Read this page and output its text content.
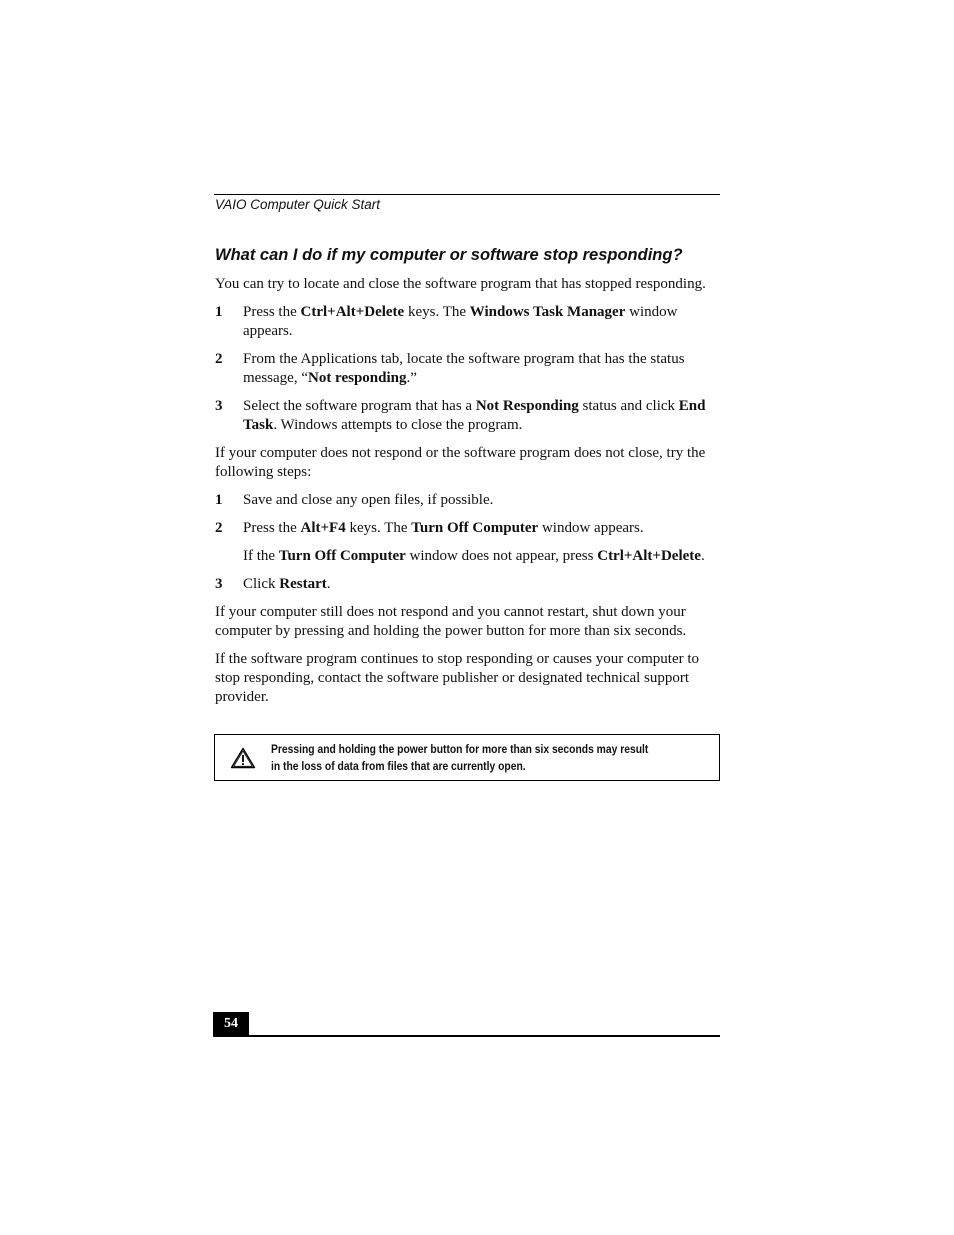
VAIO Computer Quick Start
What can I do if my computer or software stop responding?

You can try to locate and close the software program that has stopped responding.

1	Press the Ctrl+Alt+Delete keys. The Windows Task Manager window appears.
2	From the Applications tab, locate the software program that has the status message, “Not responding.”
3	Select the software program that has a Not Responding status and click End Task. Windows attempts to close the program.

If your computer does not respond or the software program does not close, try the following steps:

1	Save and close any open files, if possible.
2	Press the Alt+F4 keys. The Turn Off Computer window appears.
If the Turn Off Computer window does not appear, press Ctrl+Alt+Delete.
3	Click Restart.

If your computer still does not respond and you cannot restart, shut down your computer by pressing and holding the power button for more than six seconds.

If the software program continues to stop responding or causes your computer to stop responding, contact the software publisher or designated technical support provider.

Pressing and holding the power button for more than six seconds may result in the loss of data from files that are currently open.
54
